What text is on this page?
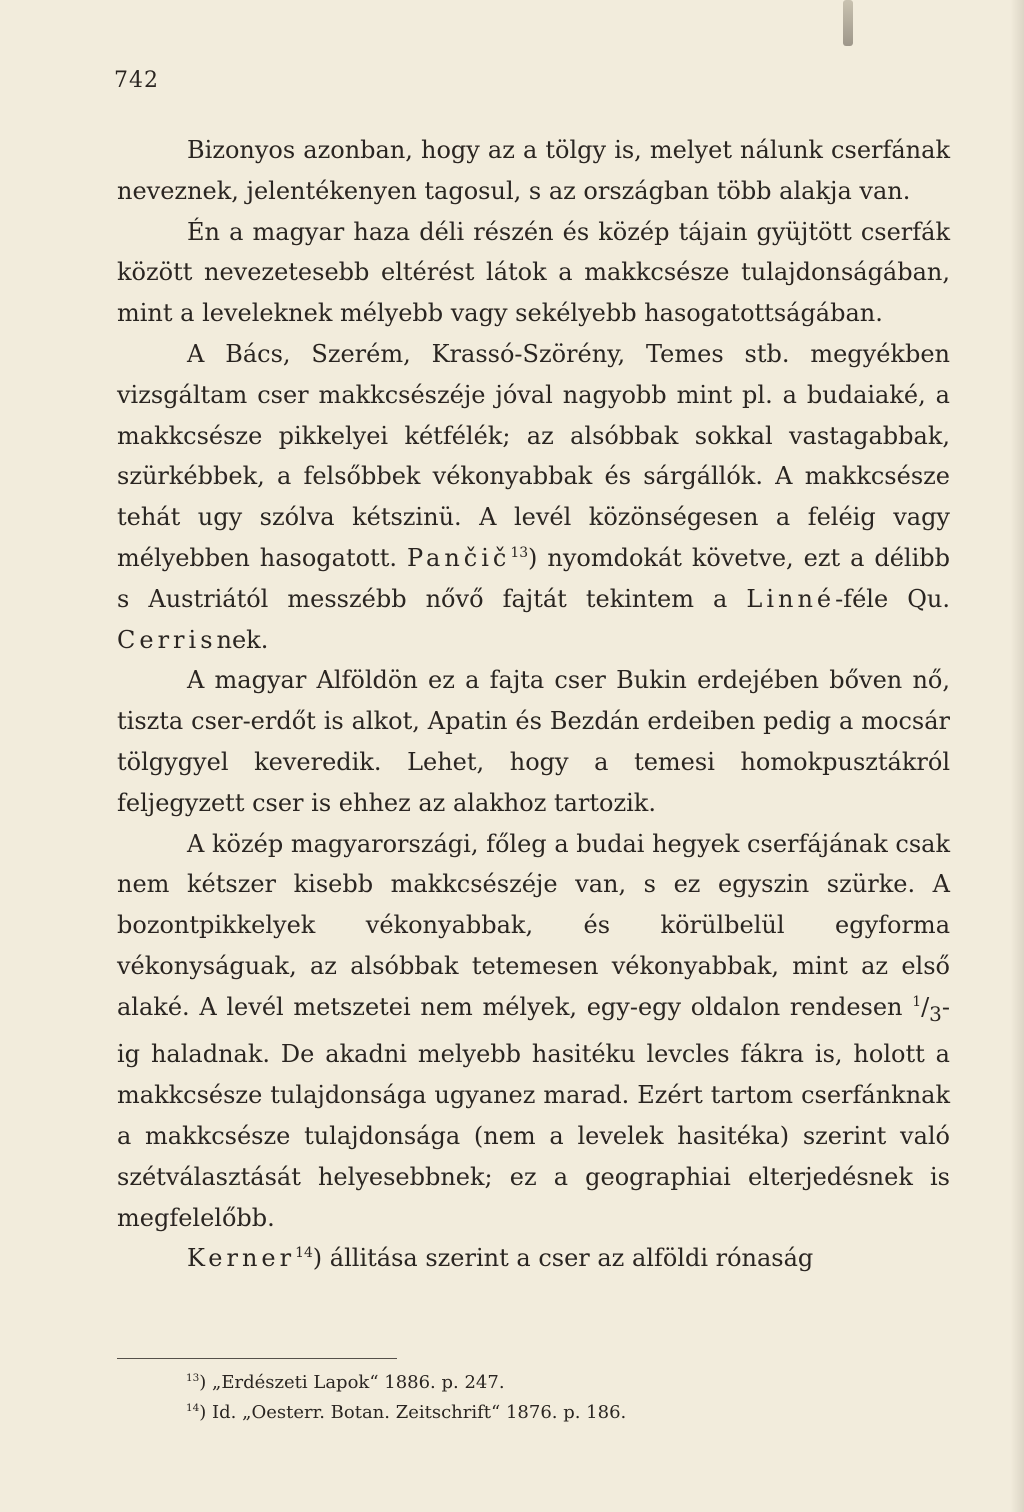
742

Bizonyos azonban, hogy az a tölgy is, melyet nálunk cserfának neveznek, jelentékenyen tagosul, s az országban több alakja van.

Én a magyar haza déli részén és közép tájain gyüjtött cserfák között nevezetesebb eltérést látok a makkcsésze tulajdonságában, mint a leveleknek mélyebb vagy sekélyebb hasogatottságában.

A Bács, Szerém, Krassó-Szörény, Temes stb. megyékben vizsgáltam cser makkcsészéje jóval nagyobb mint pl. a budaiaké, a makkcsésze pikkelyei kétfélék; az alsóbbak sokkal vastagabbak, szürkébbek, a felsőbbek vékonyabbak és sárgállók. A makkcsésze tehát ugy szólva kétszinü. A levél közönségesen a feléig vagy mélyebben hasogatott. Pančič$^{13}$) nyomdokát követve, ezt a délibb s Austriától messzébb nővő fajtát tekintem a Linné-féle Qu. Cerrisnek.

A magyar Alföldön ez a fajta cser Bukin erdejében bőven nő, tiszta cser-erdőt is alkot, Apatin és Bezdán erdeiben pedig a mocsár tölgygyel keveredik. Lehet, hogy a temesi homokpusztákról feljegyzett cser is ehhez az alakhoz tartozik.

A közép magyarországi, főleg a budai hegyek cserfájának csak nem kétszer kisebb makkcsészéje van, s ez egyszin szürke. A bozontpikkelyek vékonyabbak, és körülbelül egyforma vékonyságuak, az alsóbbak tetemesen vékonyabbak, mint az első alaké. A levél metszetei nem mélyek, egy-egy oldalon rendesen $^1/_3-ig$ haladnak. De akadni melyebb hasitéku levcles fákra is, holott a makkcsésze tulajdonsága ugyanez marad. Ezért tartom cserfánknak a makkcsésze tulajdonsága (nem a levelek hasitéka) szerint való szétválasztását helyesebbnek; ez a geographiai elterjedésnek is megfelelőbb.

Kerner$^{14}$) állitása szerint a cser az alföldi rónaság

$^{13}$) „Erdészeti Lapok“ 1886. p. 247.
$^{14}$) Id. „Oesterr. Botan. Zeitschrift“ 1876. p. 186.
